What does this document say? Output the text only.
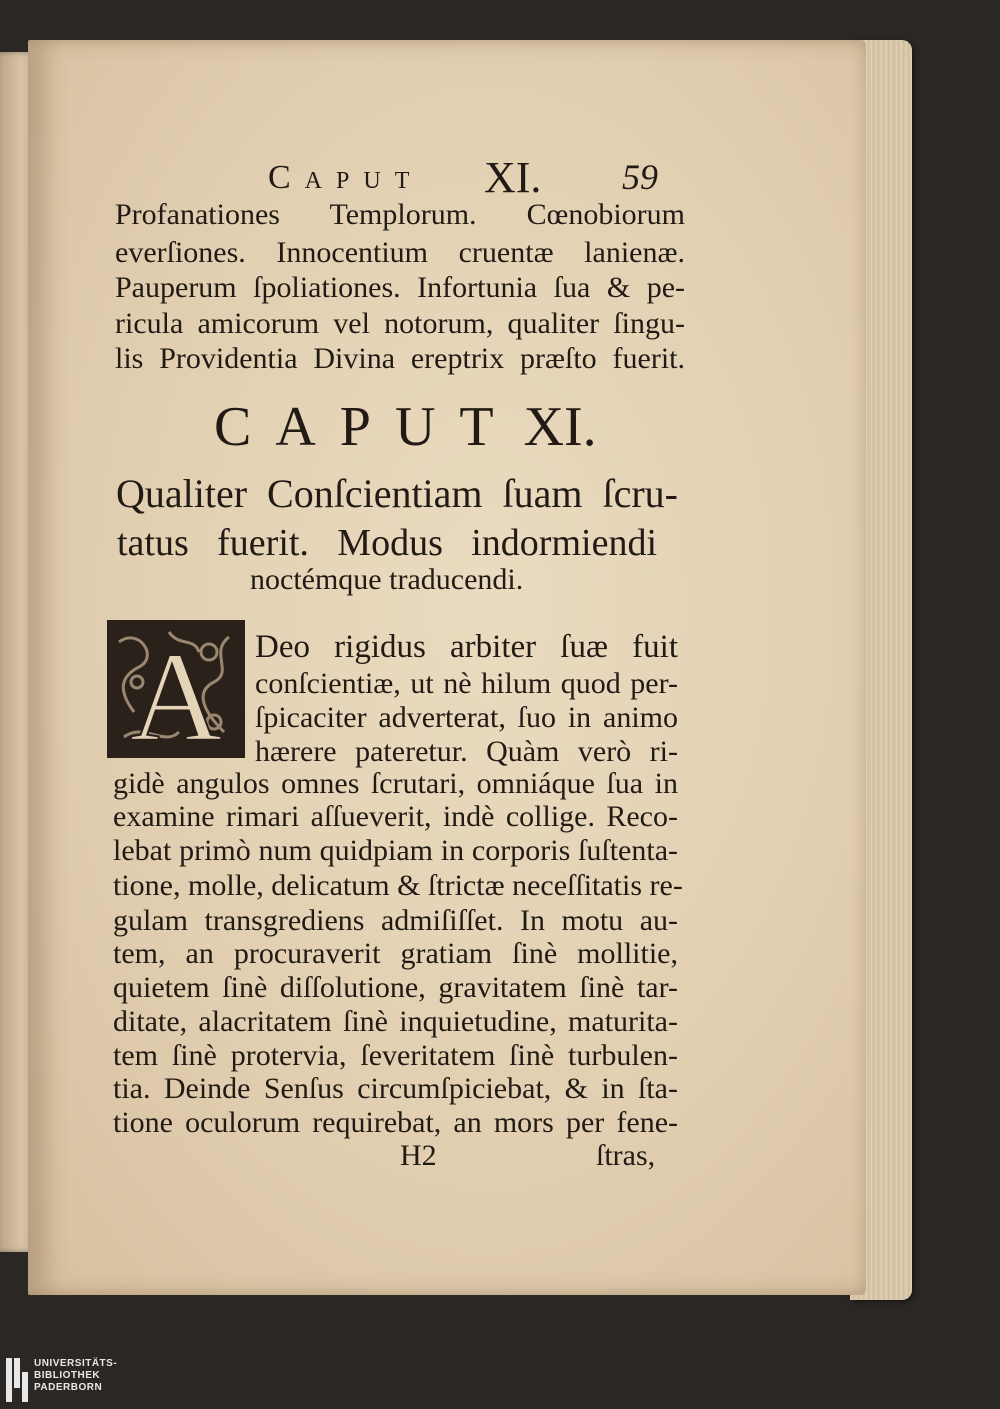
Caput XI. 59
Profanationes Templorum. Cœnobiorum
everſiones. Innocentium cruentæ lanienæ.
Pauperum ſpoliationes. Infortunia ſua & pe-
ricula amicorum vel notorum, qualiter ſingu-
lis Providentia Divina ereptrix præſto fuerit.
CAPUT XI.
Qualiter Conſcientiam ſuam ſcru-
tatus fuerit. Modus indormiendi
noctémque traducendi.
A Deo rigidus arbiter ſuæ fuit
conſcientiæ, ut nè hilum quod per-
ſpicaciter adverterat, ſuo in animo
hærere pateretur. Quàm verò ri-
gidè angulos omnes ſcrutari, omniáque ſua in
examine rimari aſſueverit, indè collige. Reco-
lebat primò num quidpiam in corporis ſuſtenta-
tione, molle, delicatum & ſtrictæ neceſſitatis re-
gulam transgrediens admiſiſſet. In motu au-
tem, an procuraverit gratiam ſinè mollitie,
quietem ſinè diſſolutione, gravitatem ſinè tar-
ditate, alacritatem ſinè inquietudine, maturita-
tem ſinè protervia, ſeveritatem ſinè turbulen-
tia. Deinde Senſus circumſpiciebat, & in ſta-
tione oculorum requirebat, an mors per fene-
H2	ſtras,
UNIVERSITÄTS-
BIBLIOTHEK
PADERBORN
